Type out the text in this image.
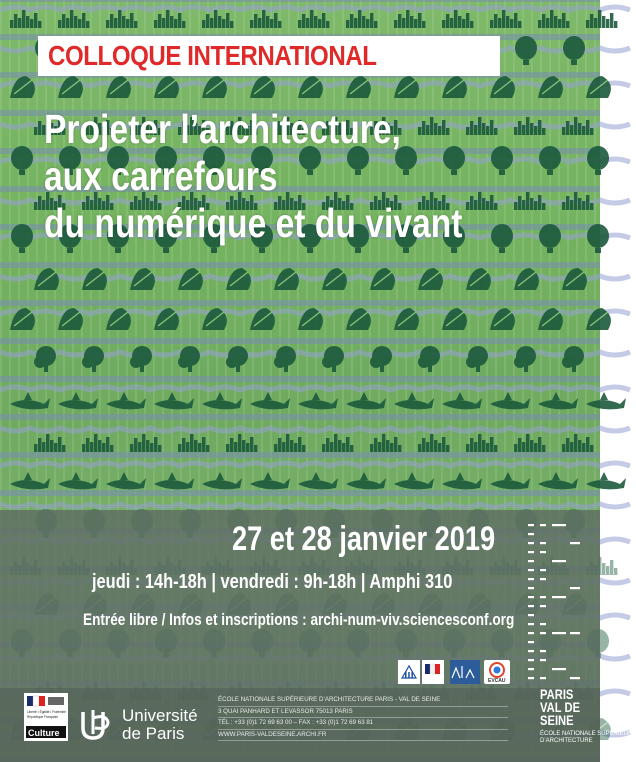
COLLOQUE INTERNATIONAL
Projeter l’architecture,
aux carrefours
du numérique et du vivant
27 et 28 janvier 2019
jeudi : 14h-18h | vendredi : 9h-18h | Amphi 310
Entrée libre / Infos et inscriptions : archi-num-viv.sciencesconf.org
Liberté • Égalité • Fraternité
République Française
Culture
Université
de Paris
ÉCOLE NATIONALE SUPÉRIEURE D’ARCHITECTURE PARIS - VAL DE SEINE
3 QUAI PANHARD ET LEVASSOR 75013 PARIS
TÉL : +33 (0)1 72 69 63 00 – FAX : +33 (0)1 72 69 63 81
WWW.PARIS-VALDESEINE.ARCHI.FR
EVCAU
PARIS
VAL DE
SEINE
ÉCOLE NATIONALE SUPÉRIEURE
D’ARCHITECTURE
